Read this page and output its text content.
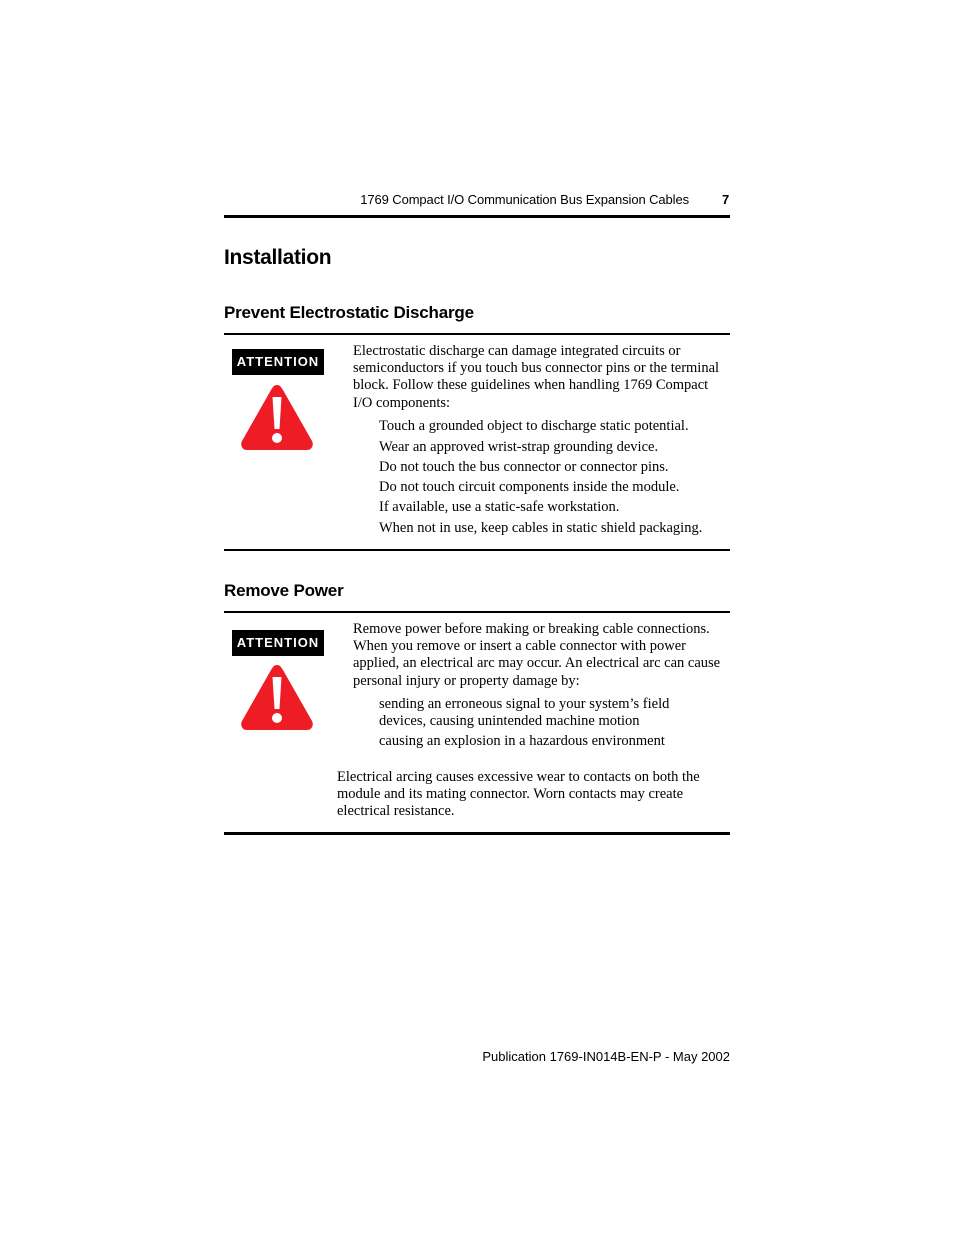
1769 Compact I/O Communication Bus Expansion Cables	7
Installation
Prevent Electrostatic Discharge
ATTENTION

Electrostatic discharge can damage integrated circuits or semiconductors if you touch bus connector pins or the terminal block. Follow these guidelines when handling 1769 Compact I/O components:

Touch a grounded object to discharge static potential.
Wear an approved wrist-strap grounding device.
Do not touch the bus connector or connector pins.
Do not touch circuit components inside the module.
If available, use a static-safe workstation.
When not in use, keep cables in static shield packaging.
Remove Power
ATTENTION

Remove power before making or breaking cable connections. When you remove or insert a cable connector with power applied, an electrical arc may occur. An electrical arc can cause personal injury or property damage by:

sending an erroneous signal to your system’s field devices, causing unintended machine motion
causing an explosion in a hazardous environment

Electrical arcing causes excessive wear to contacts on both the module and its mating connector. Worn contacts may create electrical resistance.

Publication 1769-IN014B-EN-P - May 2002
